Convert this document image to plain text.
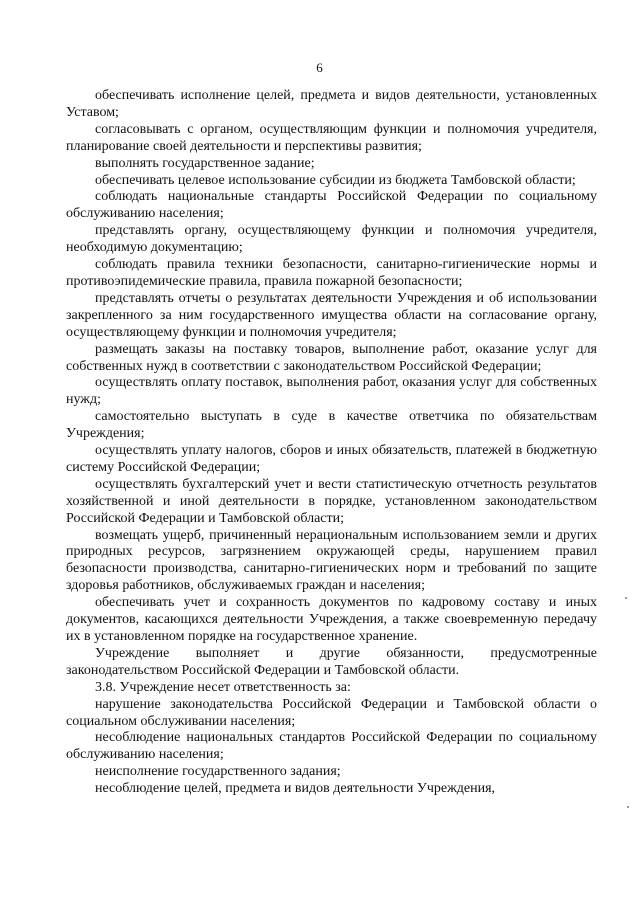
6

обеспечивать исполнение целей, предмета и видов деятельности, установленных Уставом;

согласовывать с органом, осуществляющим функции и полномочия учредителя, планирование своей деятельности и перспективы развития;

выполнять государственное задание;

обеспечивать целевое использование субсидии из бюджета Тамбовской области;

соблюдать национальные стандарты Российской Федерации по социальному обслуживанию населения;

представлять органу, осуществляющему функции и полномочия учредителя, необходимую документацию;

соблюдать правила техники безопасности, санитарно-гигиенические нормы и противоэпидемические правила, правила пожарной безопасности;

представлять отчеты о результатах деятельности Учреждения и об использовании закрепленного за ним государственного имущества области на согласование органу, осуществляющему функции и полномочия учредителя;

размещать заказы на поставку товаров, выполнение работ, оказание услуг для собственных нужд в соответствии с законодательством Российской Федерации;

осуществлять оплату поставок, выполнения работ, оказания услуг для собственных нужд;

самостоятельно выступать в суде в качестве ответчика по обязательствам Учреждения;

осуществлять уплату налогов, сборов и иных обязательств, платежей в бюджетную систему Российской Федерации;

осуществлять бухгалтерский учет и вести статистическую отчетность результатов хозяйственной и иной деятельности в порядке, установленном законодательством Российской Федерации и Тамбовской области;

возмещать ущерб, причиненный нерациональным использованием земли и других природных ресурсов, загрязнением окружающей среды, нарушением правил безопасности производства, санитарно-гигиенических норм и требований по защите здоровья работников, обслуживаемых граждан и населения;

обеспечивать учет и сохранность документов по кадровому составу и иных документов, касающихся деятельности Учреждения, а также своевременную передачу их в установленном порядке на государственное хранение.

Учреждение выполняет и другие обязанности, предусмотренные законодательством Российской Федерации и Тамбовской области.

3.8. Учреждение несет ответственность за:

нарушение законодательства Российской Федерации и Тамбовской области о социальном обслуживании населения;

несоблюдение национальных стандартов Российской Федерации по социальному обслуживанию населения;

неисполнение государственного задания;

несоблюдение целей, предмета и видов деятельности Учреждения,
